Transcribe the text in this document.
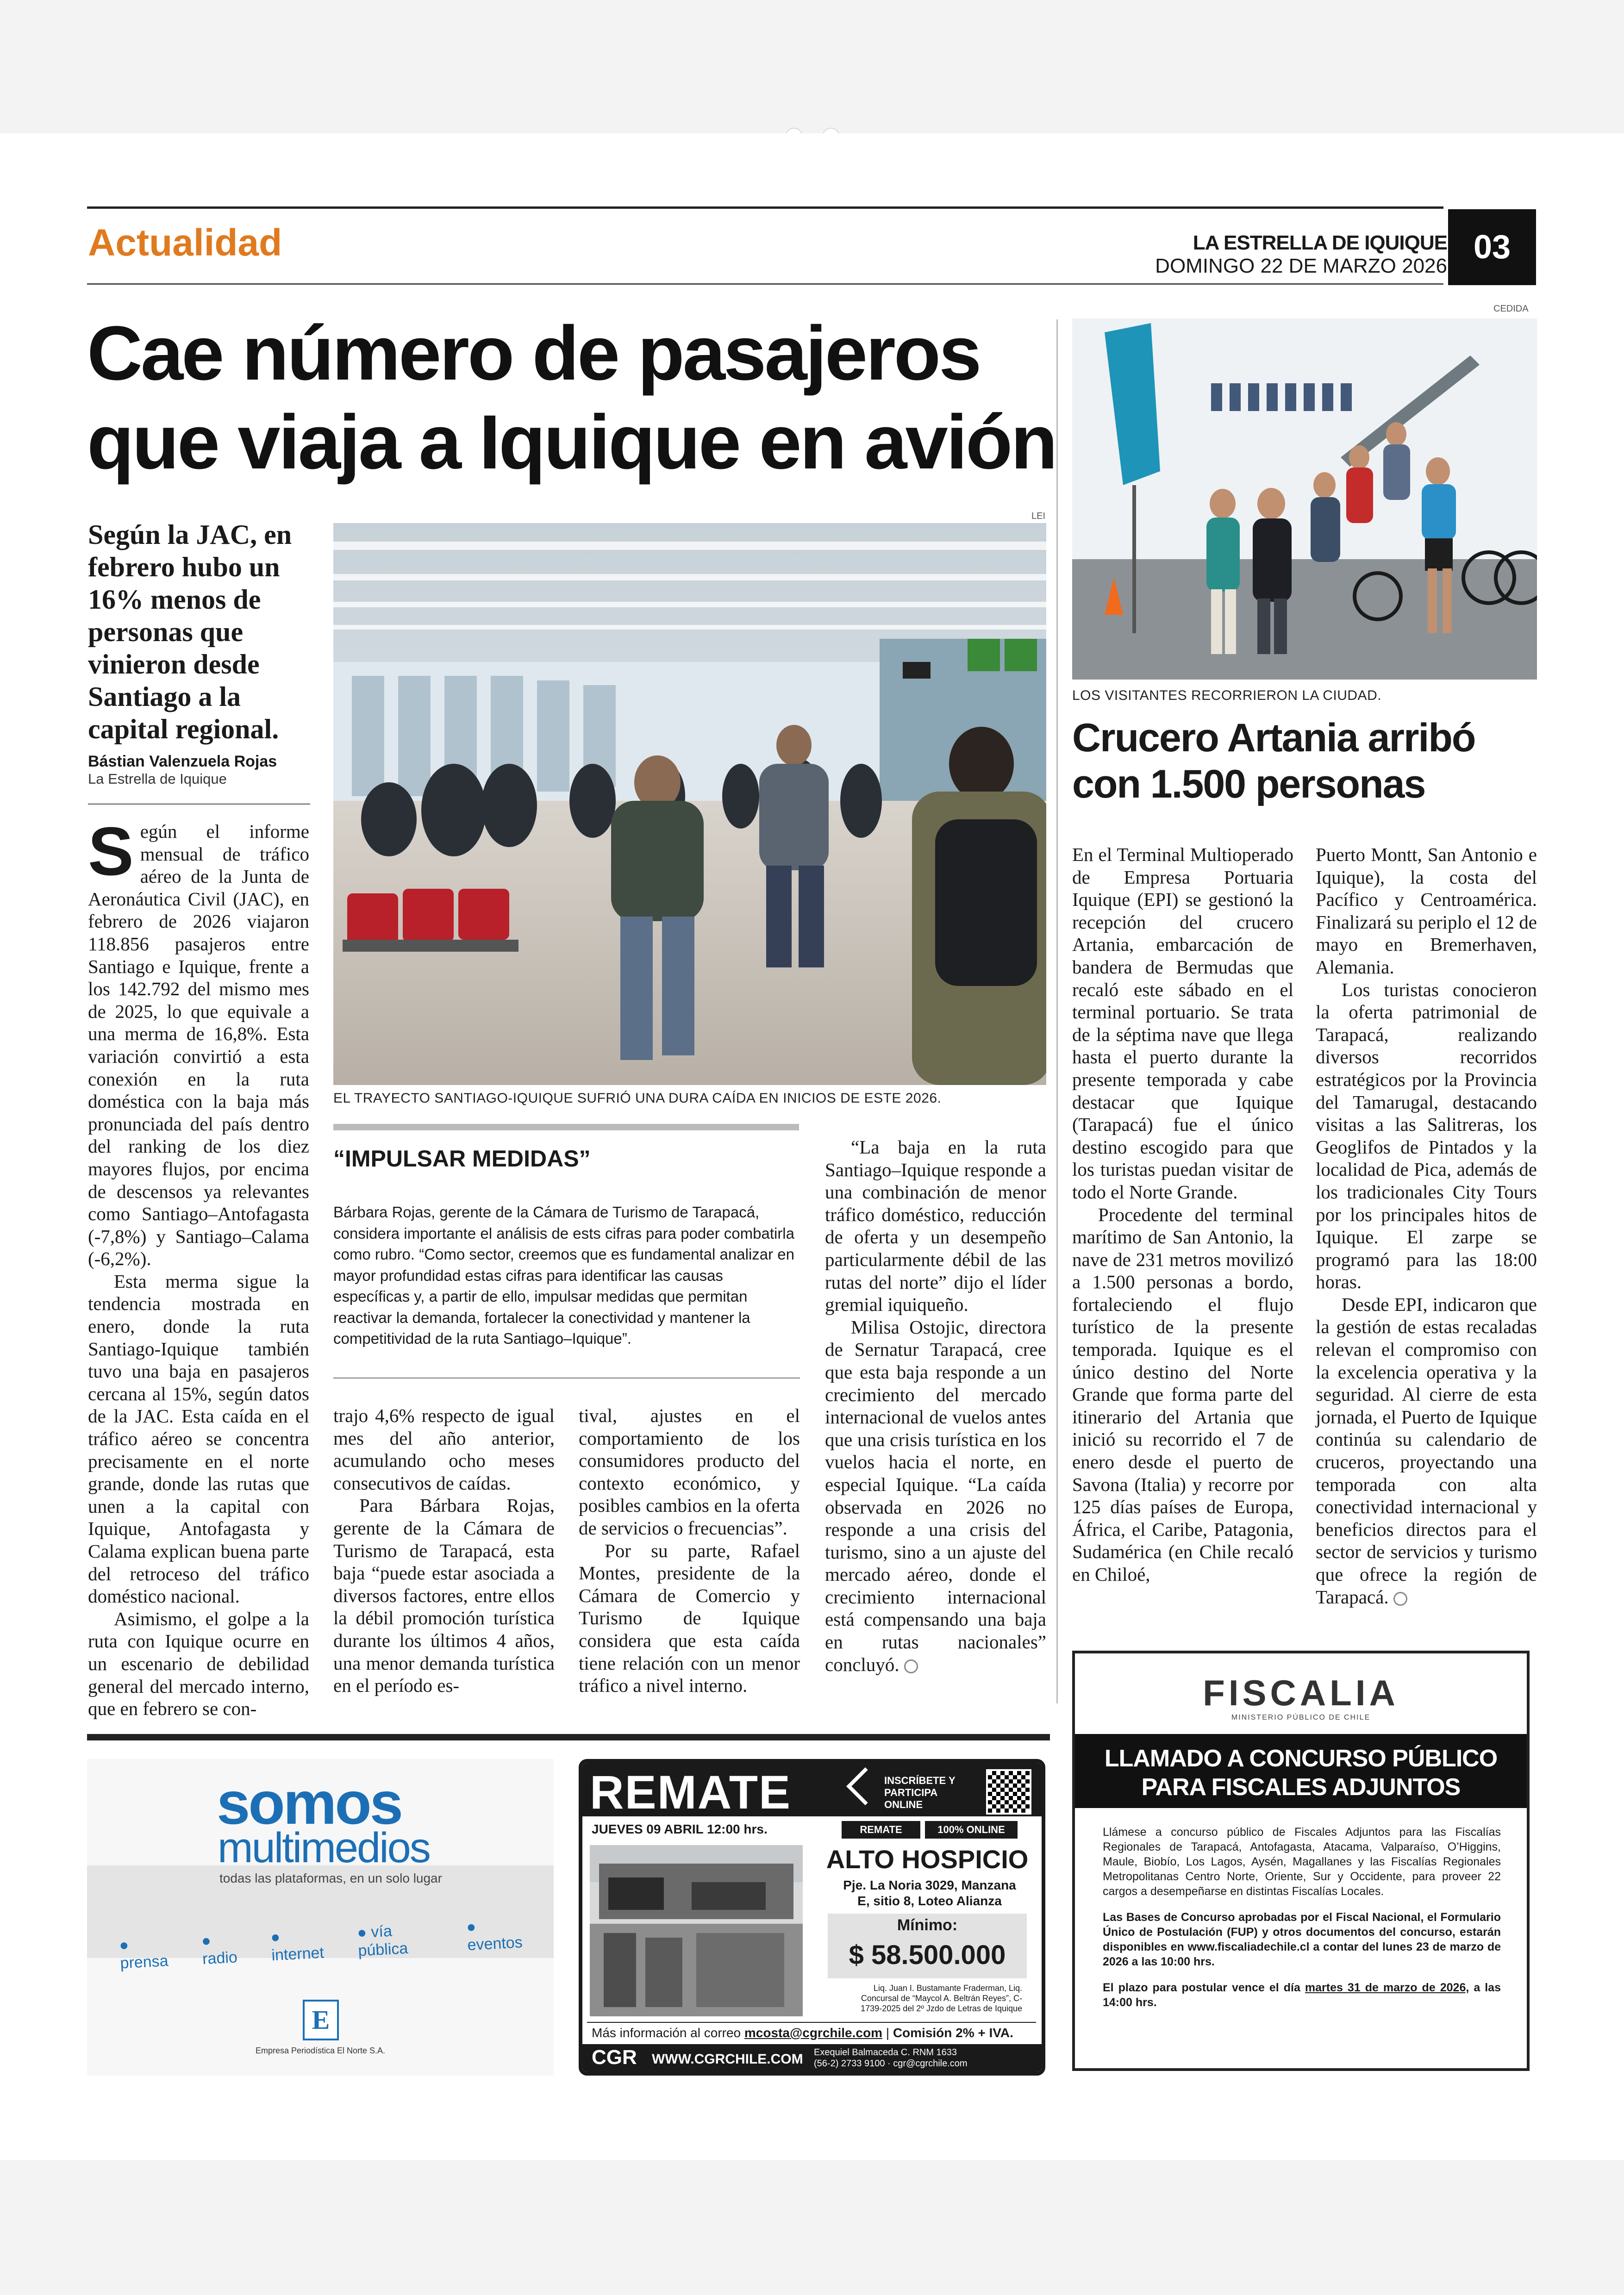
Actualidad	LA ESTRELLA DE IQUIQUE
DOMINGO 22 DE MARZO 2026
03
Cae número de pasajeros que viaja a Iquique en avión
Según la JAC, en febrero hubo un 16% menos de personas que vinieron desde Santiago a la capital regional.
Bástian Valenzuela Rojas
La Estrella de Iquique
LEI
EL TRAYECTO SANTIAGO-IQUIQUE SUFRIÓ UNA DURA CAÍDA EN INICIOS DE ESTE 2026.

Según el informe mensual de tráfico aéreo de la Junta de Aeronáutica Civil (JAC), en febrero de 2026 viajaron 118.856 pasajeros entre Santiago e Iquique, frente a los 142.792 del mismo mes de 2025, lo que equivale a una merma de 16,8%. Esta variación convirtió a esta conexión en la ruta doméstica con la baja más pronunciada del país dentro del ranking de los diez mayores flujos, por encima de descensos ya relevantes como Santiago–Antofagasta (-7,8%) y Santiago–Calama (-6,2%).

Esta merma sigue la tendencia mostrada en enero, donde la ruta Santiago-Iquique también tuvo una baja en pasajeros cercana al 15%, según datos de la JAC. Esta caída en el tráfico aéreo se concentra precisamente en el norte grande, donde las rutas que unen a la capital con Iquique, Antofagasta y Calama explican buena parte del retroceso del tráfico doméstico nacional.

Asimismo, el golpe a la ruta con Iquique ocurre en un escenario de debilidad general del mercado interno, que en febrero se con-

“IMPULSAR MEDIDAS”
Bárbara Rojas, gerente de la Cámara de Turismo de Tarapacá, considera importante el análisis de ests cifras para poder combatirla como rubro. “Como sector, creemos que es fundamental analizar en mayor profundidad estas cifras para identificar las causas específicas y, a partir de ello, impulsar medidas que permitan reactivar la demanda, fortalecer la conectividad y mantener la competitividad de la ruta Santiago–Iquique”.

trajo 4,6% respecto de igual mes del año anterior, acumulando ocho meses consecutivos de caídas.

Para Bárbara Rojas, gerente de la Cámara de Turismo de Tarapacá, esta baja “puede estar asociada a diversos factores, entre ellos la débil promoción turística durante los últimos 4 años, una menor demanda turística en el período es-

tival, ajustes en el comportamiento de los consumidores producto del contexto económico, y posibles cambios en la oferta de servicios o frecuencias”.

Por su parte, Rafael Montes, presidente de la Cámara de Comercio y Turismo de Iquique considera que esta caída tiene relación con un menor tráfico a nivel interno.

“La baja en la ruta Santiago–Iquique responde a una combinación de menor tráfico doméstico, reducción de oferta y un desempeño particularmente débil de las rutas del norte” dijo el líder gremial iquiqueño.

Milisa Ostojic, directora de Sernatur Tarapacá, cree que esta baja responde a un crecimiento del mercado internacional de vuelos antes que una crisis turística en los vuelos hacia el norte, en especial Iquique. “La caída observada en 2026 no responde a una crisis del turismo, sino a un ajuste del mercado aéreo, donde el crecimiento internacional está compensando una baja en rutas nacionales” concluyó.

CEDIDA
LOS VISITANTES RECORRIERON LA CIUDAD.
Crucero Artania arribó con 1.500 personas

En el Terminal Multioperado de Empresa Portuaria Iquique (EPI) se gestionó la recepción del crucero Artania, embarcación de bandera de Bermudas que recaló este sábado en el terminal portuario. Se trata de la séptima nave que llega hasta el puerto durante la presente temporada y cabe destacar que Iquique (Tarapacá) fue el único destino escogido para que los turistas puedan visitar de todo el Norte Grande.

Procedente del terminal marítimo de San Antonio, la nave de 231 metros movilizó a 1.500 personas a bordo, fortaleciendo el flujo turístico de la presente temporada. Iquique es el único destino del Norte Grande que forma parte del itinerario del Artania que inició su recorrido el 7 de enero desde el puerto de Savona (Italia) y recorre por 125 días países de Europa, África, el Caribe, Patagonia, Sudamérica (en Chile recaló en Chiloé,

Puerto Montt, San Antonio e Iquique), la costa del Pacífico y Centroamérica. Finalizará su periplo el 12 de mayo en Bremerhaven, Alemania.

Los turistas conocieron la oferta patrimonial de Tarapacá, realizando diversos recorridos estratégicos por la Provincia del Tamarugal, destacando visitas a las Salitreras, los Geoglifos de Pintados y la localidad de Pica, además de los tradicionales City Tours por los principales hitos de Iquique. El zarpe se programó para las 18:00 horas.

Desde EPI, indicaron que la gestión de estas recaladas relevan el compromiso con la excelencia operativa y la seguridad. Al cierre de esta jornada, el Puerto de Iquique continúa su calendario de cruceros, proyectando una temporada con alta conectividad internacional y beneficios directos para el sector de servicios y turismo que ofrece la región de Tarapacá.

somos
multimedios
todas las plataformas, en un solo lugar
● prensa
● radio
● internet
● vía pública
● eventos
E
Empresa Periodística El Norte S.A.
REMATE	INSCRÍBETE Y PARTICIPA ONLINE
JUEVES 09 ABRIL 12:00 hrs.	REMATE	100% ONLINE
ALTO HOSPICIO
Pje. La Noria 3029, Manzana E, sitio 8, Loteo Alianza
Mínimo:
$ 58.500.000
Liq. Juan I. Bustamante Fraderman, Liq. Concursal de “Maycol A. Beltrán Reyes”, C-1739-2025 del 2º Jzdo de Letras de Iquique
Más información al correo mcosta@cgrchile.com | Comisión 2% + IVA.
CGR WWW.CGRCHILE.COM Exequiel Balmaceda C. RNM 1633
(56-2) 2733 9100 · cgr@cgrchile.com
FISCALIA
MINISTERIO PÚBLICO DE CHILE
LLAMADO A CONCURSO PÚBLICO
PARA FISCALES ADJUNTOS

Llámese a concurso público de Fiscales Adjuntos para las Fiscalías Regionales de Tarapacá, Antofagasta, Atacama, Valparaíso, O’Higgins, Maule, Biobío, Los Lagos, Aysén, Magallanes y las Fiscalías Regionales Metropolitanas Centro Norte, Oriente, Sur y Occidente, para proveer 22 cargos a desempeñarse en distintas Fiscalías Locales.

Las Bases de Concurso aprobadas por el Fiscal Nacional, el Formulario Único de Postulación (FUP) y otros documentos del concurso, estarán disponibles en www.fiscaliadechile.cl a contar del lunes 23 de marzo de 2026 a las 10:00 hrs.

El plazo para postular vence el día martes 31 de marzo de 2026, a las 14:00 hrs.
